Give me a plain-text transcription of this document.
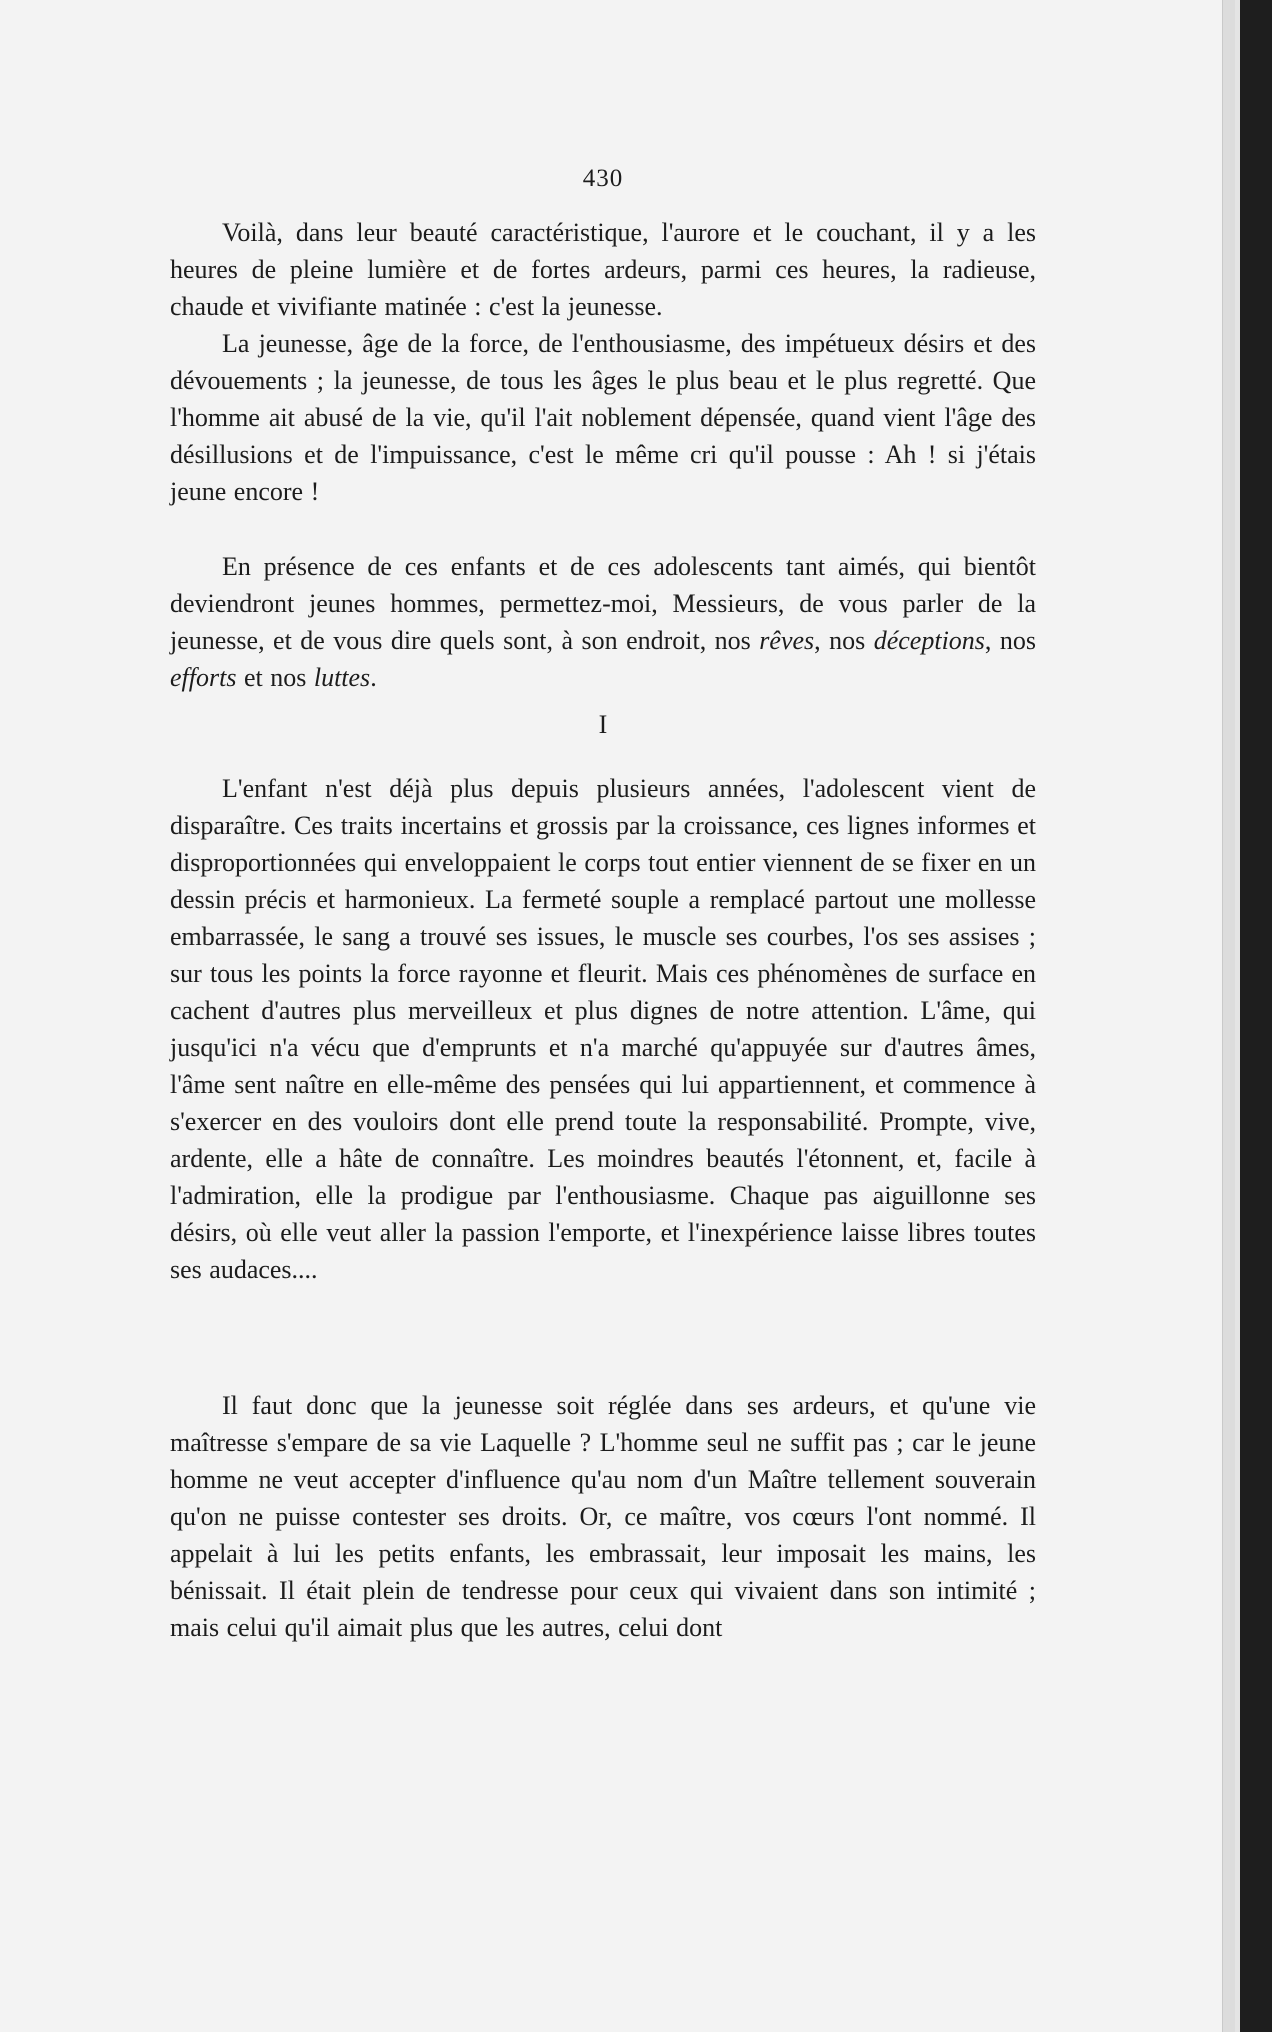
430

Voilà, dans leur beauté caractéristique, l'aurore et le couchant, il y a les heures de pleine lumière et de fortes ardeurs, parmi ces heures, la radieuse, chaude et vivifiante matinée : c'est la jeunesse.

La jeunesse, âge de la force, de l'enthousiasme, des impétueux désirs et des dévouements ; la jeunesse, de tous les âges le plus beau et le plus regretté. Que l'homme ait abusé de la vie, qu'il l'ait noblement dépensée, quand vient l'âge des désillusions et de l'impuissance, c'est le même cri qu'il pousse : Ah ! si j'étais jeune encore !

En présence de ces enfants et de ces adolescents tant aimés, qui bientôt deviendront jeunes hommes, permettez-moi, Messieurs, de vous parler de la jeunesse, et de vous dire quels sont, à son endroit, nos rêves, nos déceptions, nos efforts et nos luttes.

I

L'enfant n'est déjà plus depuis plusieurs années, l'adolescent vient de disparaître. Ces traits incertains et grossis par la croissance, ces lignes informes et disproportionnées qui enveloppaient le corps tout entier viennent de se fixer en un dessin précis et harmonieux. La fermeté souple a remplacé partout une mollesse embarrassée, le sang a trouvé ses issues, le muscle ses courbes, l'os ses assises ; sur tous les points la force rayonne et fleurit. Mais ces phénomènes de surface en cachent d'autres plus merveilleux et plus dignes de notre attention. L'âme, qui jusqu'ici n'a vécu que d'emprunts et n'a marché qu'appuyée sur d'autres âmes, l'âme sent naître en elle-même des pensées qui lui appartiennent, et commence à s'exercer en des vouloirs dont elle prend toute la responsabilité. Prompte, vive, ardente, elle a hâte de connaître. Les moindres beautés l'étonnent, et, facile à l'admiration, elle la prodigue par l'enthousiasme. Chaque pas aiguillonne ses désirs, où elle veut aller la passion l'emporte, et l'inexpérience laisse libres toutes ses audaces....

Il faut donc que la jeunesse soit réglée dans ses ardeurs, et qu'une vie maîtresse s'empare de sa vie Laquelle ? L'homme seul ne suffit pas ; car le jeune homme ne veut accepter d'influence qu'au nom d'un Maître tellement souverain qu'on ne puisse contester ses droits. Or, ce maître, vos cœurs l'ont nommé. Il appelait à lui les petits enfants, les embrassait, leur imposait les mains, les bénissait. Il était plein de tendresse pour ceux qui vivaient dans son intimité ; mais celui qu'il aimait plus que les autres, celui dont
